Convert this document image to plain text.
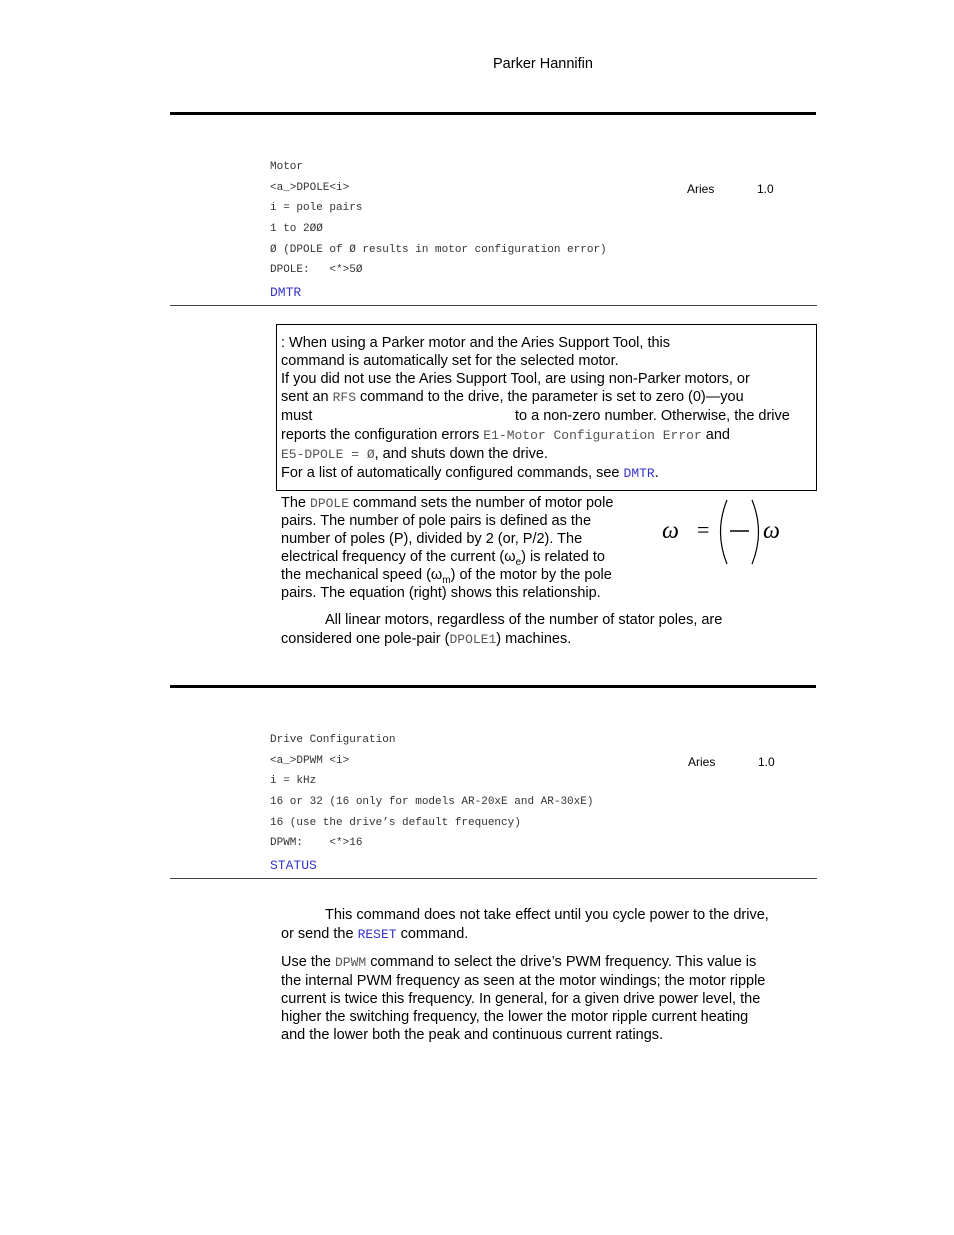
Parker Hannifin
Motor
<a_>DPOLE<i>	Aries	1.0
i = pole pairs
1 to 2ØØ
Ø (DPOLE of Ø results in motor configuration error)
DPOLE: <*>5Ø
DMTR
: When using a Parker motor and the Aries Support Tool, this
command is automatically set for the selected motor.
If you did not use the Aries Support Tool, are using non-Parker motors, or
sent an RFS command to the drive, the parameter is set to zero (0)—you
must	to a non-zero number. Otherwise, the drive
reports the configuration errors E1-Motor Configuration Error and
E5-DPOLE = Ø, and shuts down the drive.
For a list of automatically configured commands, see DMTR.
The DPOLE command sets the number of motor pole
pairs. The number of pole pairs is defined as the
number of poles (P), divided by 2 (or, P/2). The
electrical frequency of the current $(\omega_e)$ is related to
the mechanical speed $(\omega_m)$ of the motor by the pole
pairs. The equation (right) shows this relationship.
ω = ω
All linear motors, regardless of the number of stator poles, are
considered one pole-pair (DPOLE1) machines.
Drive Configuration
<a_>DPWM <i>	Aries	1.0
i = kHz
16 or 32 (16 only for models AR-20xE and AR-30xE)
16 (use the drive’s default frequency)
DPWM: <*>16
STATUS
This command does not take effect until you cycle power to the drive,
or send the RESET command.
Use the DPWM command to select the drive’s PWM frequency. This value is
the internal PWM frequency as seen at the motor windings; the motor ripple
current is twice this frequency. In general, for a given drive power level, the
higher the switching frequency, the lower the motor ripple current heating
and the lower both the peak and continuous current ratings.
